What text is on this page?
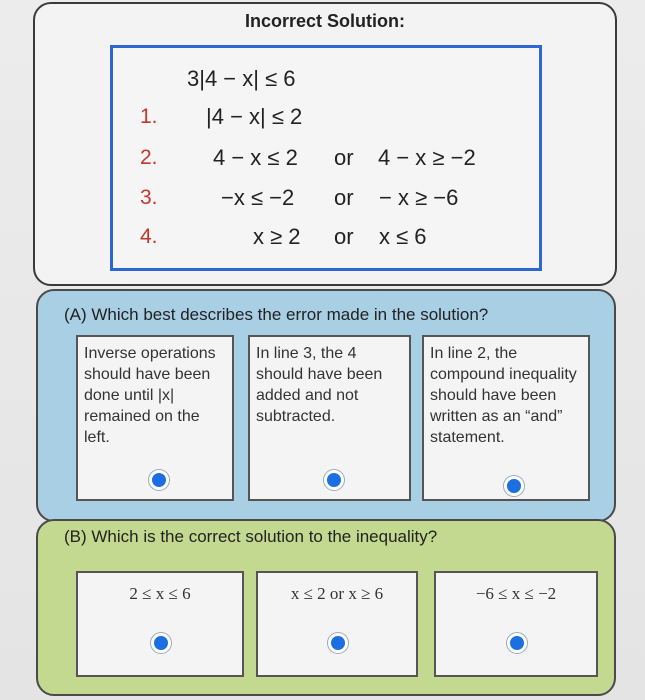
Incorrect Solution:
3|4 − x| ≤ 6
1. |4 − x| ≤ 2
2.	4 − x ≤ 2 or 4 − x ≥ −2
3.	−x ≤ −2 or − x ≥ −6
4.	x ≥ 2 or x ≤ 6
(A) Which best describes the error made in the solution?
Inverse operations should have been done until |x| remained on the left.
In line 3, the 4 should have been added and not subtracted.
In line 2, the compound inequality should have been written as an “and” statement.
(B) Which is the correct solution to the inequality?
2 ≤ x ≤ 6	x ≤ 2 or x ≥ 6	−6 ≤ x ≤ −2
